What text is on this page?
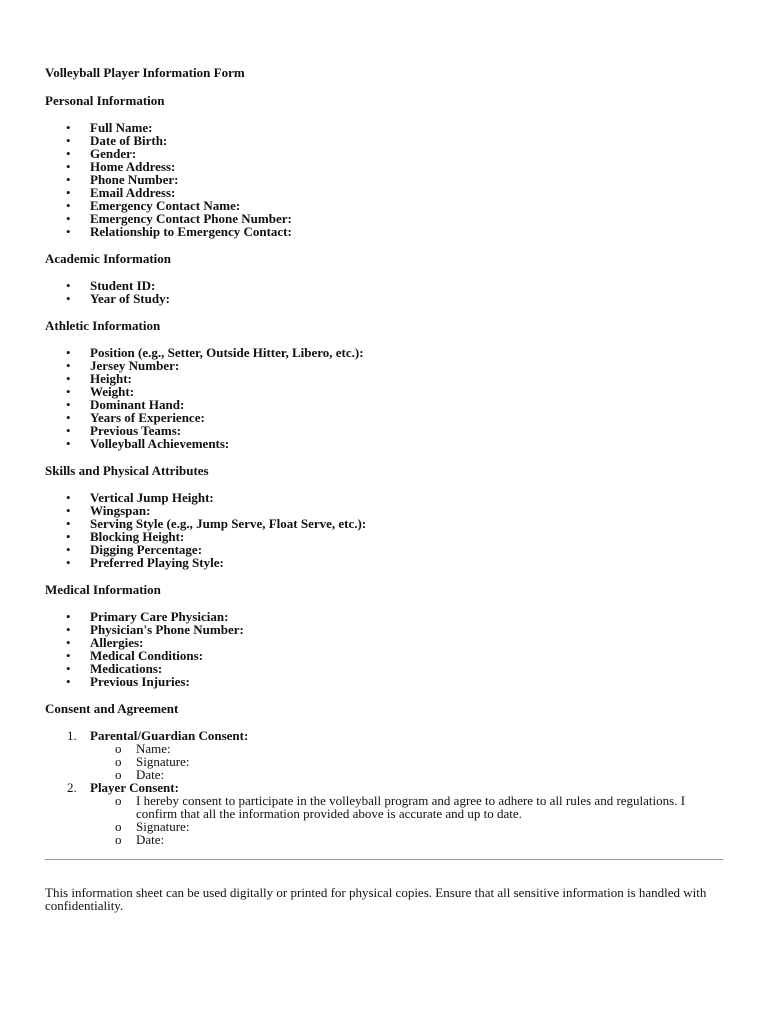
Volleyball Player Information Form
Personal Information
• Full Name:
• Date of Birth:
• Gender:
• Home Address:
• Phone Number:
• Email Address:
• Emergency Contact Name:
• Emergency Contact Phone Number:
• Relationship to Emergency Contact:
Academic Information
• Student ID:
• Year of Study:
Athletic Information
• Position (e.g., Setter, Outside Hitter, Libero, etc.):
• Jersey Number:
• Height:
• Weight:
• Dominant Hand:
• Years of Experience:
• Previous Teams:
• Volleyball Achievements:
Skills and Physical Attributes
• Vertical Jump Height:
• Wingspan:
• Serving Style (e.g., Jump Serve, Float Serve, etc.):
• Blocking Height:
• Digging Percentage:
• Preferred Playing Style:
Medical Information
• Primary Care Physician:
• Physician's Phone Number:
• Allergies:
• Medical Conditions:
• Medications:
• Previous Injuries:
Consent and Agreement
1. Parental/Guardian Consent:
o Name:
o Signature:
o Date:
2. Player Consent:
o I hereby consent to participate in the volleyball program and agree to adhere to all rules and regulations. I confirm that all the information provided above is accurate and up to date.
o Signature:
o Date:
This information sheet can be used digitally or printed for physical copies. Ensure that all sensitive information is handled with confidentiality.
